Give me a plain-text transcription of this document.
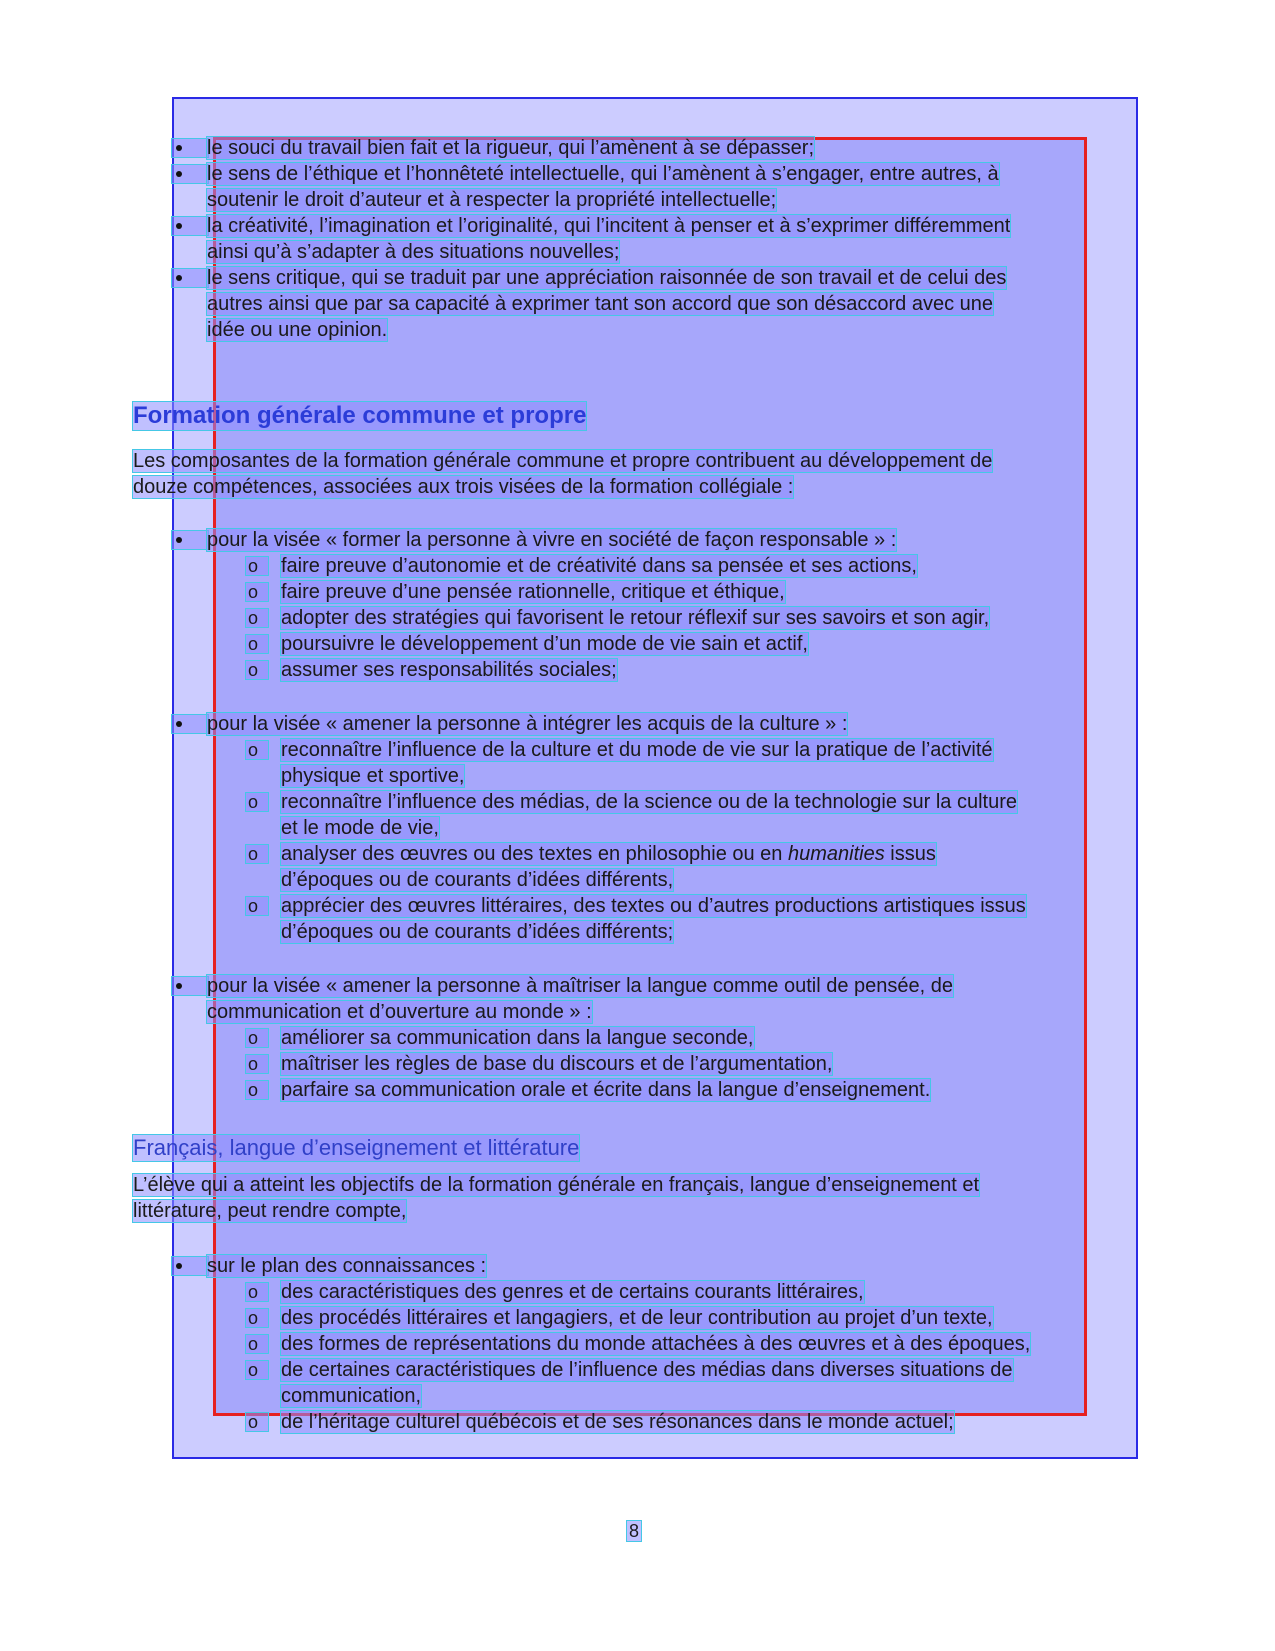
le souci du travail bien fait et la rigueur, qui l’amènent à se dépasser;
le sens de l’éthique et l’honnêteté intellectuelle, qui l’amènent à s’engager, entre autres, à
soutenir le droit d’auteur et à respecter la propriété intellectuelle;
la créativité, l’imagination et l’originalité, qui l’incitent à penser et à s’exprimer différemment
ainsi qu’à s’adapter à des situations nouvelles;
le sens critique, qui se traduit par une appréciation raisonnée de son travail et de celui des
autres ainsi que par sa capacité à exprimer tant son accord que son désaccord avec une
idée ou une opinion.
Formation générale commune et propre
Les composantes de la formation générale commune et propre contribuent au développement de
douze compétences, associées aux trois visées de la formation collégiale :
pour la visée « former la personne à vivre en société de façon responsable » :
o	faire preuve d’autonomie et de créativité dans sa pensée et ses actions,
o	faire preuve d’une pensée rationnelle, critique et éthique,
o	adopter des stratégies qui favorisent le retour réflexif sur ses savoirs et son agir,
o	poursuivre le développement d’un mode de vie sain et actif,
o	assumer ses responsabilités sociales;
pour la visée « amener la personne à intégrer les acquis de la culture » :
o	reconnaître l’influence de la culture et du mode de vie sur la pratique de l’activité
physique et sportive,
o	reconnaître l’influence des médias, de la science ou de la technologie sur la culture
et le mode de vie,
o	analyser des œuvres ou des textes en philosophie ou en humanities issus
d’époques ou de courants d’idées différents,
o	apprécier des œuvres littéraires, des textes ou d’autres productions artistiques issus
d’époques ou de courants d’idées différents;
pour la visée « amener la personne à maîtriser la langue comme outil de pensée, de
communication et d’ouverture au monde » :
o	améliorer sa communication dans la langue seconde,
o	maîtriser les règles de base du discours et de l’argumentation,
o	parfaire sa communication orale et écrite dans la langue d’enseignement.
Français, langue d’enseignement et littérature
L’élève qui a atteint les objectifs de la formation générale en français, langue d’enseignement et
littérature, peut rendre compte,
sur le plan des connaissances :
o	des caractéristiques des genres et de certains courants littéraires,
o	des procédés littéraires et langagiers, et de leur contribution au projet d’un texte,
o	des formes de représentations du monde attachées à des œuvres et à des époques,
o	de certaines caractéristiques de l’influence des médias dans diverses situations de
communication,
o	de l’héritage culturel québécois et de ses résonances dans le monde actuel;
8
